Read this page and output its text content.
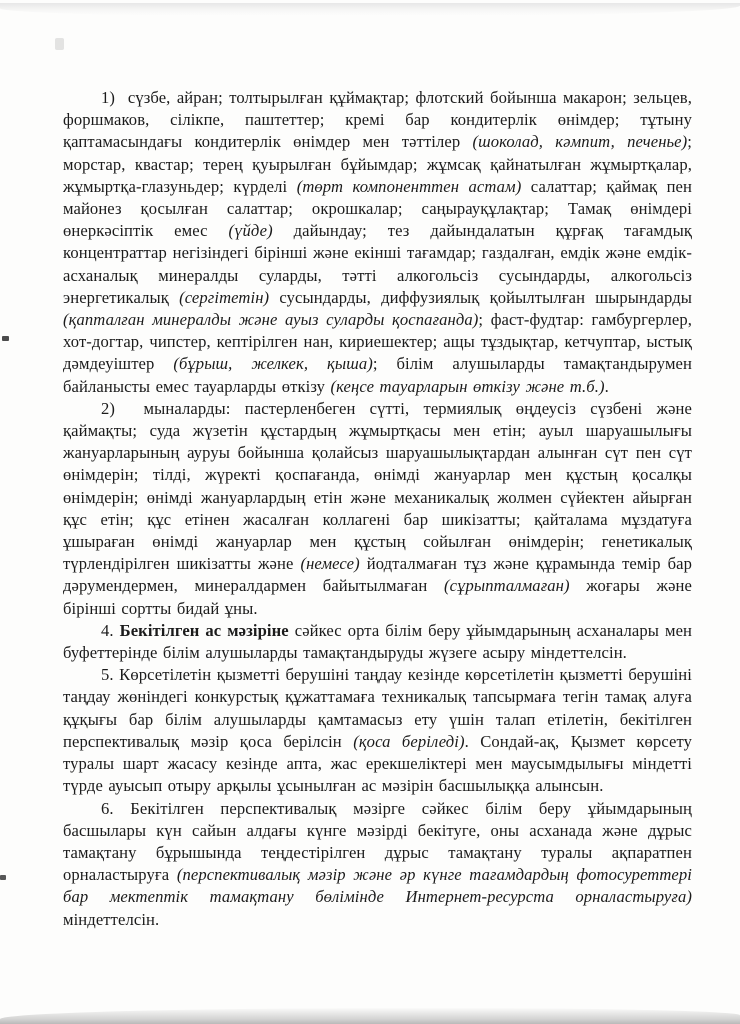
1)  сүзбе, айран; толтырылған құймақтар; флотский бойынша макарон; зельцев, форшмаков, сілікпе, паштеттер; кремі бар кондитерлік өнімдер; тұтыну қаптамасындағы кондитерлік өнімдер мен тәттілер (шоколад, кәмпит, печенье); морстар, квастар; терең қуырылған бұйымдар; жұмсақ қайнатылған жұмыртқалар, жұмыртқа-глазуньдер; күрделі (төрт компоненттен астам) салаттар; қаймақ пен майонез қосылған салаттар; окрошкалар; саңырауқұлақтар; Тамақ өнімдері өнеркәсіптік емес (үйде) дайындау; тез дайындалатын құрғақ тағамдық концентраттар негізіндегі бірінші және екінші тағамдар; газдалған, емдік және емдік-асханалық минералды суларды, тәтті алкогольсіз сусындарды, алкогольсіз энергетикалық (сергітетін) сусындарды, диффузиялық қойылтылған шырындарды (қапталған минералды және ауыз суларды қоспағанда); фаст-фудтар: гамбургерлер, хот-догтар, чипстер, кептірілген нан, кириешектер; ащы тұздықтар, кетчуптар, ыстық дәмдеуіштер (бұрыш, желкек, қыша); білім алушыларды тамақтандырумен байланысты емес тауарларды өткізу (кеңсе тауарларын өткізу және т.б.).

2)  мыналарды: пастерленбеген сүтті, термиялық өңдеусіз сүзбені және қаймақты; суда жүзетін құстардың жұмыртқасы мен етін; ауыл шаруашылығы жануарларының ауруы бойынша қолайсыз шаруашылықтардан алынған сүт пен сүт өнімдерін; тілді, жүректі қоспағанда, өнімді жануарлар мен құстың қосалқы өнімдерін; өнімді жануарлардың етін және механикалық жолмен сүйектен айырған құс етін; құс етінен жасалған коллагені бар шикізатты; қайталама мұздатуға ұшыраған өнімді жануарлар мен құстың сойылған өнімдерін; генетикалық түрлендірілген шикізатты және (немесе) йодталмаған тұз және құрамында темір бар дәрумендермен, минералдармен байытылмаған (сұрыпталмаған) жоғары және бірінші сортты бидай ұны.

4. Бекітілген ас мәзіріне сәйкес орта білім беру ұйымдарының асханалары мен буфеттерінде білім алушыларды тамақтандыруды жүзеге асыру міндеттелсін.

5. Көрсетілетін қызметті берушіні таңдау кезінде көрсетілетін қызметті берушіні таңдау жөніндегі конкурстық құжаттамаға техникалық тапсырмаға тегін тамақ алуға құқығы бар білім алушыларды қамтамасыз ету үшін талап етілетін, бекітілген перспективалық мәзір қоса берілсін (қоса беріледі). Сондай-ақ, Қызмет көрсету туралы шарт жасасу кезінде апта, жас ерекшеліктері мен маусымдылығы міндетті түрде ауысып отыру арқылы ұсынылған ас мәзірін басшылыққа алынсын.

6. Бекітілген перспективалық мәзірге сәйкес білім беру ұйымдарының басшылары күн сайын алдағы күнге мәзірді бекітуге, оны асханада және дұрыс тамақтану бұрышында теңдестірілген дұрыс тамақтану туралы ақпаратпен орналастыруға (перспективалық мәзір және әр күнге тағамдардың фотосуреттері бар мектептік тамақтану бөлімінде Интернет-ресурста орналастыруға) міндеттелсін.
